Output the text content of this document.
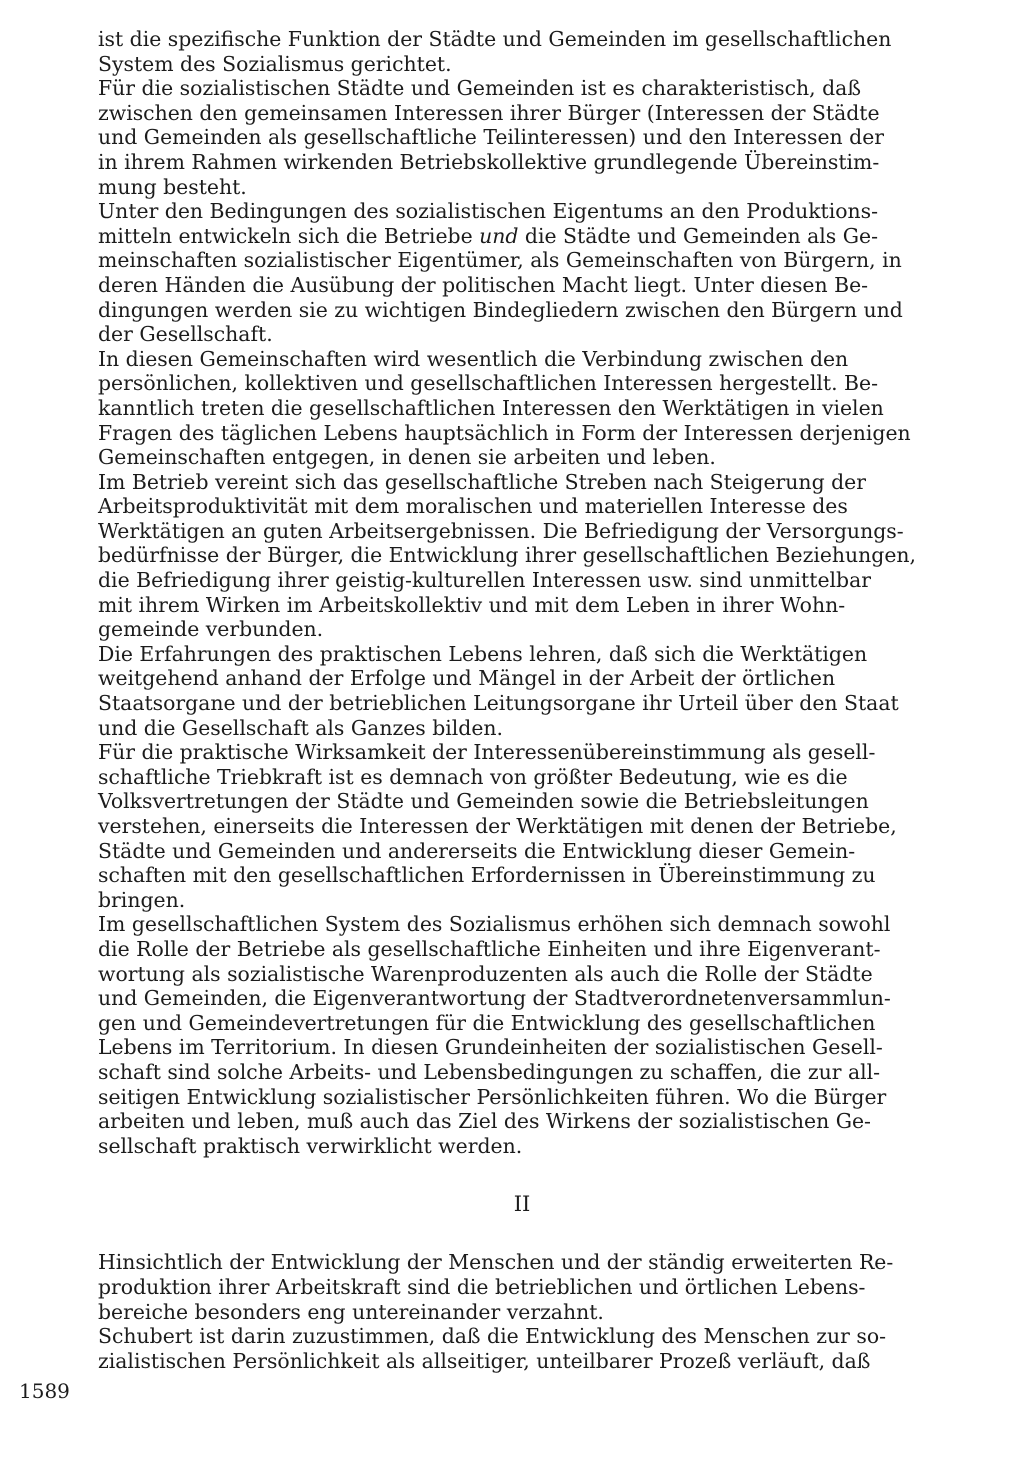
ist die spezifische Funktion der Städte und Gemeinden im gesellschaftlichen
System des Sozialismus gerichtet.

Für die sozialistischen Städte und Gemeinden ist es charakteristisch, daß
zwischen den gemeinsamen Interessen ihrer Bürger (Interessen der Städte
und Gemeinden als gesellschaftliche Teilinteressen) und den Interessen der
in ihrem Rahmen wirkenden Betriebskollektive grundlegende Übereinstim-
mung besteht.

Unter den Bedingungen des sozialistischen Eigentums an den Produktions-
mitteln entwickeln sich die Betriebe und die Städte und Gemeinden als Ge-
meinschaften sozialistischer Eigentümer, als Gemeinschaften von Bürgern, in
deren Händen die Ausübung der politischen Macht liegt. Unter diesen Be-
dingungen werden sie zu wichtigen Bindegliedern zwischen den Bürgern und
der Gesellschaft.

In diesen Gemeinschaften wird wesentlich die Verbindung zwischen den
persönlichen, kollektiven und gesellschaftlichen Interessen hergestellt. Be-
kanntlich treten die gesellschaftlichen Interessen den Werktätigen in vielen
Fragen des täglichen Lebens hauptsächlich in Form der Interessen derjenigen
Gemeinschaften entgegen, in denen sie arbeiten und leben.

Im Betrieb vereint sich das gesellschaftliche Streben nach Steigerung der
Arbeitsproduktivität mit dem moralischen und materiellen Interesse des
Werktätigen an guten Arbeitsergebnissen. Die Befriedigung der Versorgungs-
bedürfnisse der Bürger, die Entwicklung ihrer gesellschaftlichen Beziehungen,
die Befriedigung ihrer geistig-kulturellen Interessen usw. sind unmittelbar
mit ihrem Wirken im Arbeitskollektiv und mit dem Leben in ihrer Wohn-
gemeinde verbunden.

Die Erfahrungen des praktischen Lebens lehren, daß sich die Werktätigen
weitgehend anhand der Erfolge und Mängel in der Arbeit der örtlichen
Staatsorgane und der betrieblichen Leitungsorgane ihr Urteil über den Staat
und die Gesellschaft als Ganzes bilden.

Für die praktische Wirksamkeit der Interessenübereinstimmung als gesell-
schaftliche Triebkraft ist es demnach von größter Bedeutung, wie es die
Volksvertretungen der Städte und Gemeinden sowie die Betriebsleitungen
verstehen, einerseits die Interessen der Werktätigen mit denen der Betriebe,
Städte und Gemeinden und andererseits die Entwicklung dieser Gemein-
schaften mit den gesellschaftlichen Erfordernissen in Übereinstimmung zu
bringen.

Im gesellschaftlichen System des Sozialismus erhöhen sich demnach sowohl
die Rolle der Betriebe als gesellschaftliche Einheiten und ihre Eigenverant-
wortung als sozialistische Warenproduzenten als auch die Rolle der Städte
und Gemeinden, die Eigenverantwortung der Stadtverordnetenversammlun-
gen und Gemeindevertretungen für die Entwicklung des gesellschaftlichen
Lebens im Territorium. In diesen Grundeinheiten der sozialistischen Gesell-
schaft sind solche Arbeits- und Lebensbedingungen zu schaffen, die zur all-
seitigen Entwicklung sozialistischer Persönlichkeiten führen. Wo die Bürger
arbeiten und leben, muß auch das Ziel des Wirkens der sozialistischen Ge-
sellschaft praktisch verwirklicht werden.

II

Hinsichtlich der Entwicklung der Menschen und der ständig erweiterten Re-
produktion ihrer Arbeitskraft sind die betrieblichen und örtlichen Lebens-
bereiche besonders eng untereinander verzahnt.

Schubert ist darin zuzustimmen, daß die Entwicklung des Menschen zur so-
zialistischen Persönlichkeit als allseitiger, unteilbarer Prozeß verläuft, daß

1589
